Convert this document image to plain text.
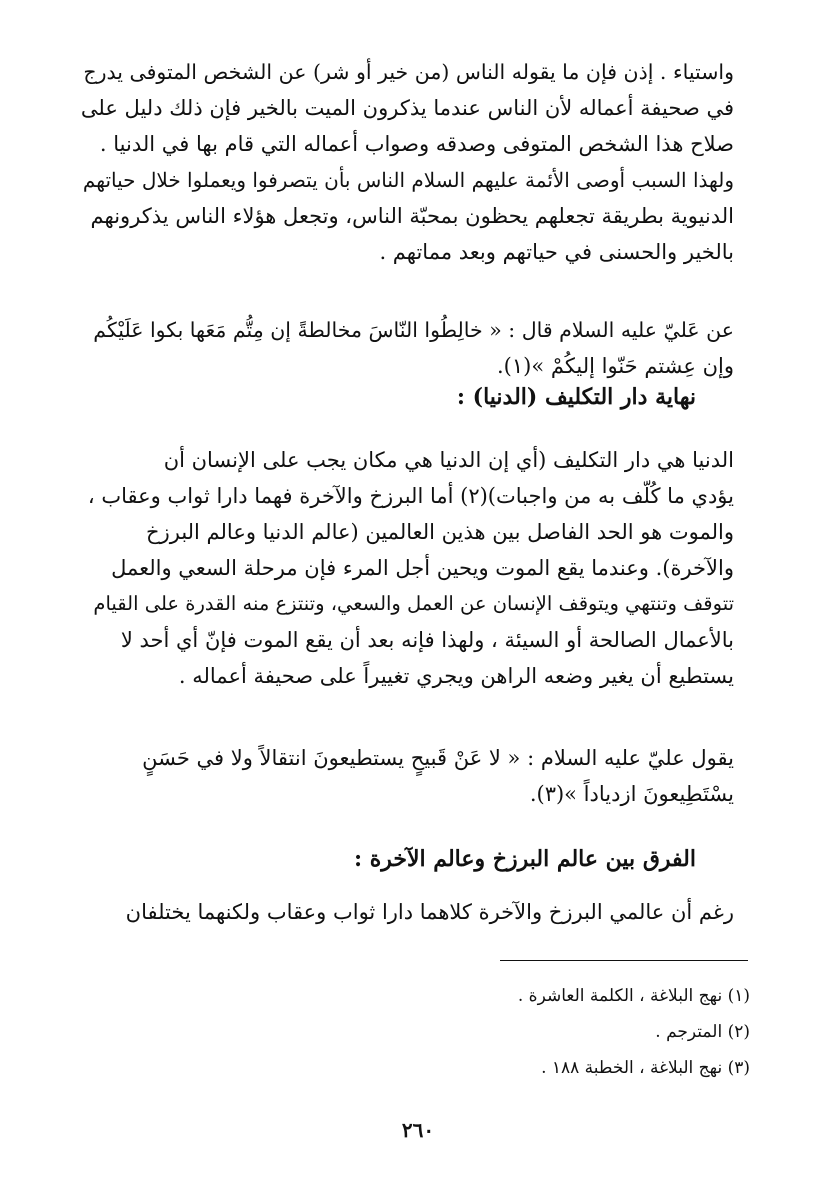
واستياء . إذن فإن ما يقوله الناس (من خير أو شر) عن الشخص المتوفى يدرج
في صحيفة أعماله لأن الناس عندما يذكرون الميت بالخير فإن ذلك دليل على
صلاح هذا الشخص المتوفى وصدقه وصواب أعماله التي قام بها في الدنيا .
ولهذا السبب أوصى الأئمة عليهم السلام الناس بأن يتصرفوا ويعملوا خلال حياتهم
الدنيوية بطريقة تجعلهم يحظون بمحبّة الناس، وتجعل هؤلاء الناس يذكرونهم
بالخير والحسنى في حياتهم وبعد مماتهم .
عن عَليّ عليه السلام قال : « خالِطُوا النّاسَ مخالطةً إن مِتُّم مَعَها بكوا عَلَيْكُم
وإن عِشتم حَنّوا إليكُمْ »(١).
نهاية دار التكليف (الدنيا) :
الدنيا هي دار التكليف (أي إن الدنيا هي مكان يجب على الإنسان أن
يؤدي ما كُلّف به من واجبات)(٢) أما البرزخ والآخرة فهما دارا ثواب وعقاب ،
والموت هو الحد الفاصل بين هذين العالمين (عالم الدنيا وعالم البرزخ
والآخرة). وعندما يقع الموت ويحين أجل المرء فإن مرحلة السعي والعمل
تتوقف وتنتهي ويتوقف الإنسان عن العمل والسعي، وتنتزع منه القدرة على القيام
بالأعمال الصالحة أو السيئة ، ولهذا فإنه بعد أن يقع الموت فإنّ أي أحد لا
يستطيع أن يغير وضعه الراهن ويجري تغييراً على صحيفة أعماله .
يقول عليّ عليه السلام : « لا عَنْ قَبيحٍ يستطيعونَ انتقالاً ولا في حَسَنٍ
يسْتَطِيعونَ ازدياداً »(٣).
الفرق بين عالم البرزخ وعالم الآخرة :
رغم أن عالمي البرزخ والآخرة كلاهما دارا ثواب وعقاب ولكنهما يختلفان
(١) نهج البلاغة ، الكلمة العاشرة .
(٢) المترجم .
(٣) نهج البلاغة ، الخطبة ١٨٨ .
٢٦٠
